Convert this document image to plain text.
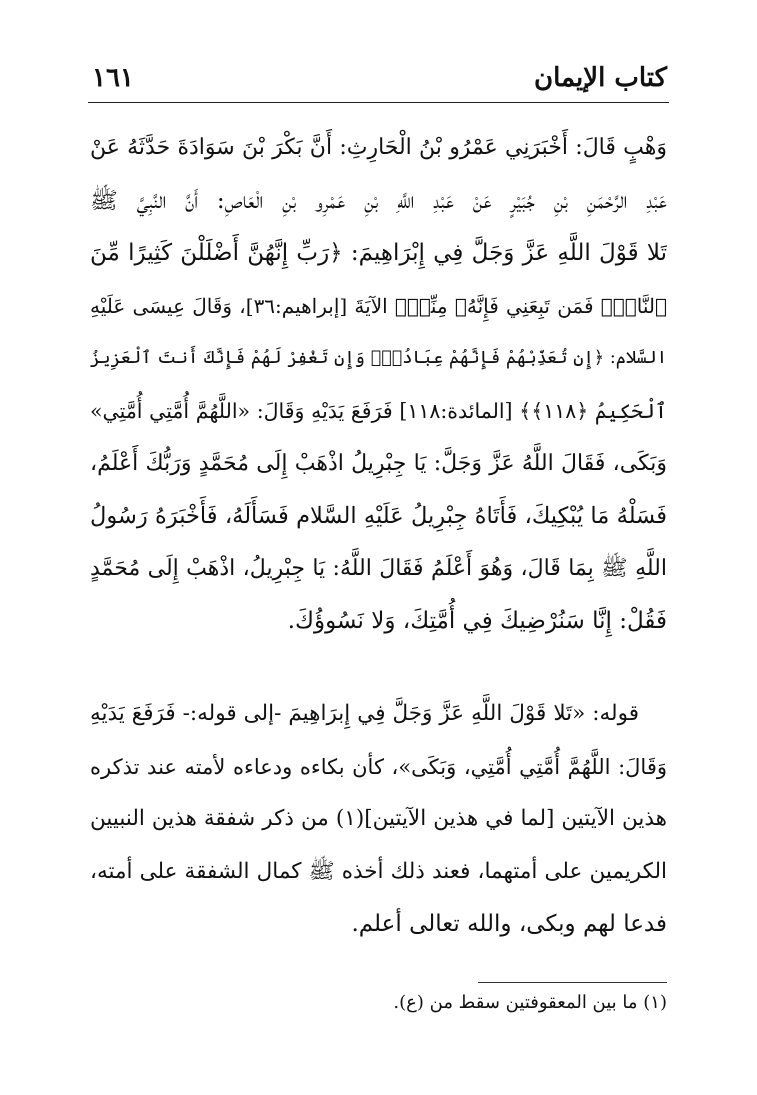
كتاب الإيمان
١٦١
وَهْبٍ قَالَ: أَخْبَرَنِي عَمْرُو بْنُ الْحَارِثِ: أَنَّ بَكْرَ بْنَ سَوَادَةَ حَدَّثَهُ عَنْ
عَبْدِ الرَّحْمَنِ بْنِ جُبَيْرٍ عَنْ عَبْدِ اللَّهِ بْنِ عَمْرِو بْنِ الْعَاصِ: أَنَّ النَّبِيَّ ﷺ
تَلا قَوْلَ اللَّهِ عَزَّ وَجَلَّ فِي إِبْرَاهِيمَ: ﴿رَبِّ إِنَّهُنَّ أَضْلَلْنَ كَثِيرًا مِّنَ
ٱلنَّاسِۖ فَمَن تَبِعَنِي فَإِنَّهُۥ مِنِّيۖ﴾ الآيَةَ [إبراهيم:٣٦]، وَقَالَ عِيسَى عَلَيْهِ
السَّلام: ﴿إِن تُعَذِّبْهُمْ فَإِنَّهُمْ عِبَادُكَۖ وَإِن تَغْفِرْ لَهُمْ فَإِنَّكَ أَنتَ ٱلْعَزِيزُ
ٱلْحَكِيمُ ﴿١١٨﴾﴾ [المائدة:١١٨] فَرَفَعَ يَدَيْهِ وَقَالَ: «اللَّهُمَّ أُمَّتِي أُمَّتِي»
وَبَكَى، فَقَالَ اللَّهُ عَزَّ وَجَلَّ: يَا جِبْرِيلُ اذْهَبْ إِلَى مُحَمَّدٍ وَرَبُّكَ أَعْلَمُ،
فَسَلْهُ مَا يُبْكِيكَ، فَأَتَاهُ جِبْرِيلُ عَلَيْهِ السَّلام فَسَأَلَهُ، فَأَخْبَرَهُ رَسُولُ
اللَّهِ ﷺ بِمَا قَالَ، وَهُوَ أَعْلَمُ فَقَالَ اللَّهُ: يَا جِبْرِيلُ، اذْهَبْ إِلَى مُحَمَّدٍ
فَقُلْ: إِنَّا سَنُرْضِيكَ فِي أُمَّتِكَ، وَلا نَسُوؤُكَ.
قوله: «تَلا قَوْلَ اللَّهِ عَزَّ وَجَلَّ فِي إِبرَاهِيمَ -إلى قوله:- فَرَفَعَ يَدَيْهِ
وَقَالَ: اللَّهُمَّ أُمَّتِي أُمَّتِي، وَبَكَى»، كأن بكاءه ودعاءه لأمته عند تذكره
هذين الآيتين [لما في هذين الآيتين](١) من ذكر شفقة هذين النبيين
الكريمين على أمتهما، فعند ذلك أخذه ﷺ كمال الشفقة على أمته،
فدعا لهم وبكى، والله تعالى أعلم.
(١) ما بين المعقوفتين سقط من (ع).
